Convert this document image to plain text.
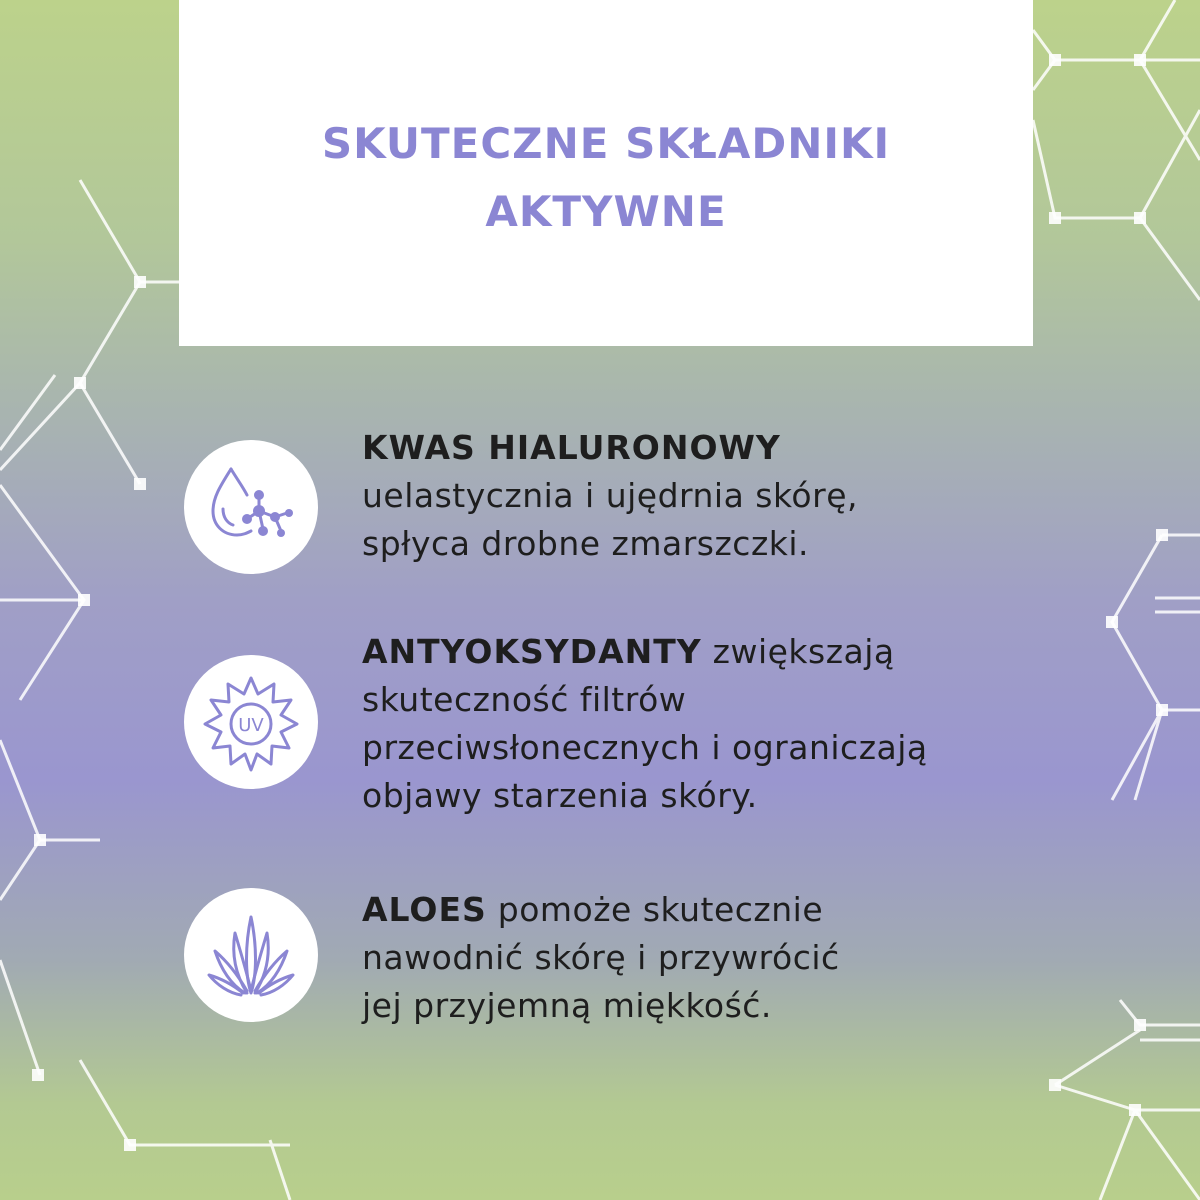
SKUTECZNE SKŁADNIKI
AKTYWNE
KWAS HIALURONOWY
uelastycznia i ujędrnia skórę,
spłyca drobne zmarszczki.
UV
ANTYOKSYDANTY zwiększają
skuteczność filtrów
przeciwsłonecznych i ograniczają
objawy starzenia skóry.
ALOES pomoże skutecznie
nawodnić skórę i przywrócić
jej przyjemną miękkość.
